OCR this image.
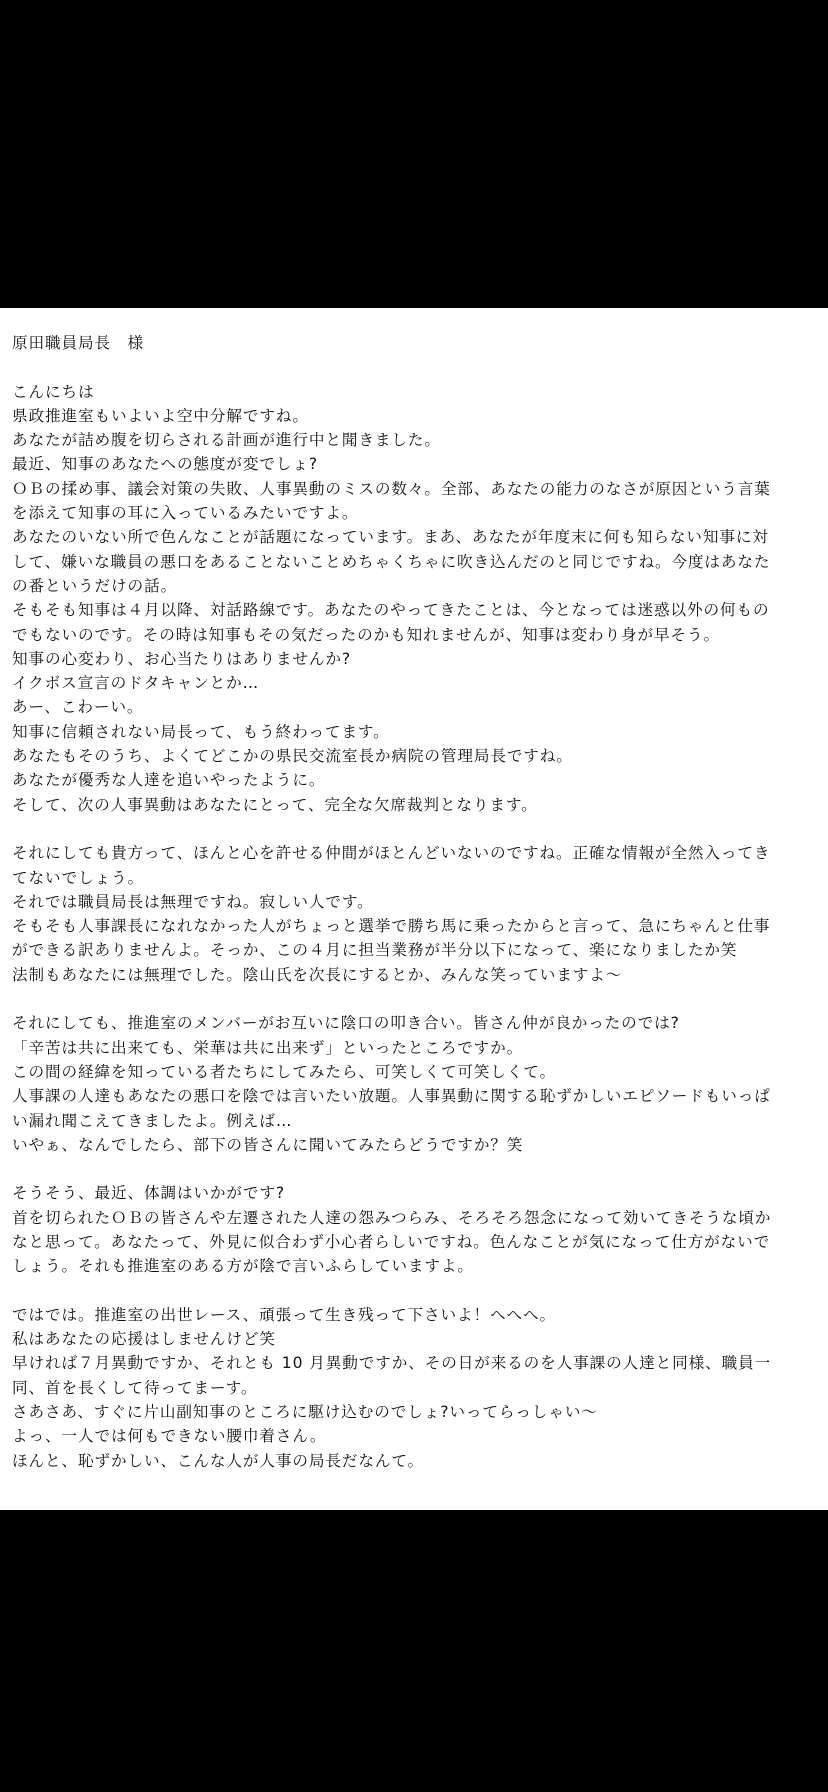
原田職員局長　様
こんにちは
県政推進室もいよいよ空中分解ですね。
あなたが詰め腹を切らされる計画が進行中と聞きました。
最近、知事のあなたへの態度が変でしょ?
ＯＢの揉め事、議会対策の失敗、人事異動のミスの数々。全部、あなたの能力のなさが原因という言葉
を添えて知事の耳に入っているみたいですよ。
あなたのいない所で色んなことが話題になっています。まあ、あなたが年度末に何も知らない知事に対
して、嫌いな職員の悪口をあることないことめちゃくちゃに吹き込んだのと同じですね。今度はあなた
の番というだけの話。
そもそも知事は４月以降、対話路線です。あなたのやってきたことは、今となっては迷惑以外の何もの
でもないのです。その時は知事もその気だったのかも知れませんが、知事は変わり身が早そう。
知事の心変わり、お心当たりはありませんか?
イクボス宣言のドタキャンとか…
あー、こわーい。
知事に信頼されない局長って、もう終わってます。
あなたもそのうち、よくてどこかの県民交流室長か病院の管理局長ですね。
あなたが優秀な人達を追いやったように。
そして、次の人事異動はあなたにとって、完全な欠席裁判となります。
それにしても貴方って、ほんと心を許せる仲間がほとんどいないのですね。正確な情報が全然入ってき
てないでしょう。
それでは職員局長は無理ですね。寂しい人です。
そもそも人事課長になれなかった人がちょっと選挙で勝ち馬に乗ったからと言って、急にちゃんと仕事
ができる訳ありませんよ。そっか、この４月に担当業務が半分以下になって、楽になりましたか笑
法制もあなたには無理でした。陰山氏を次長にするとか、みんな笑っていますよ〜
それにしても、推進室のメンバーがお互いに陰口の叩き合い。皆さん仲が良かったのでは?
「辛苦は共に出来ても、栄華は共に出来ず」といったところですか。
この間の経緯を知っている者たちにしてみたら、可笑しくて可笑しくて。
人事課の人達もあなたの悪口を陰では言いたい放題。人事異動に関する恥ずかしいエピソードもいっぱ
い漏れ聞こえてきましたよ。例えば…
いやぁ、なんでしたら、部下の皆さんに聞いてみたらどうですか？笑
そうそう、最近、体調はいかがです?
首を切られたＯＢの皆さんや左遷された人達の怨みつらみ、そろそろ怨念になって効いてきそうな頃か
なと思って。あなたって、外見に似合わず小心者らしいですね。色んなことが気になって仕方がないで
しょう。それも推進室のある方が陰で言いふらしていますよ。
ではでは。推進室の出世レース、頑張って生き残って下さいよ！へへへ。
私はあなたの応援はしませんけど笑
早ければ７月異動ですか、それとも 10 月異動ですか、その日が来るのを人事課の人達と同様、職員一
同、首を長くして待ってまーす。
さあさあ、すぐに片山副知事のところに駆け込むのでしょ?いってらっしゃい〜
よっ、一人では何もできない腰巾着さん。
ほんと、恥ずかしい、こんな人が人事の局長だなんて。
